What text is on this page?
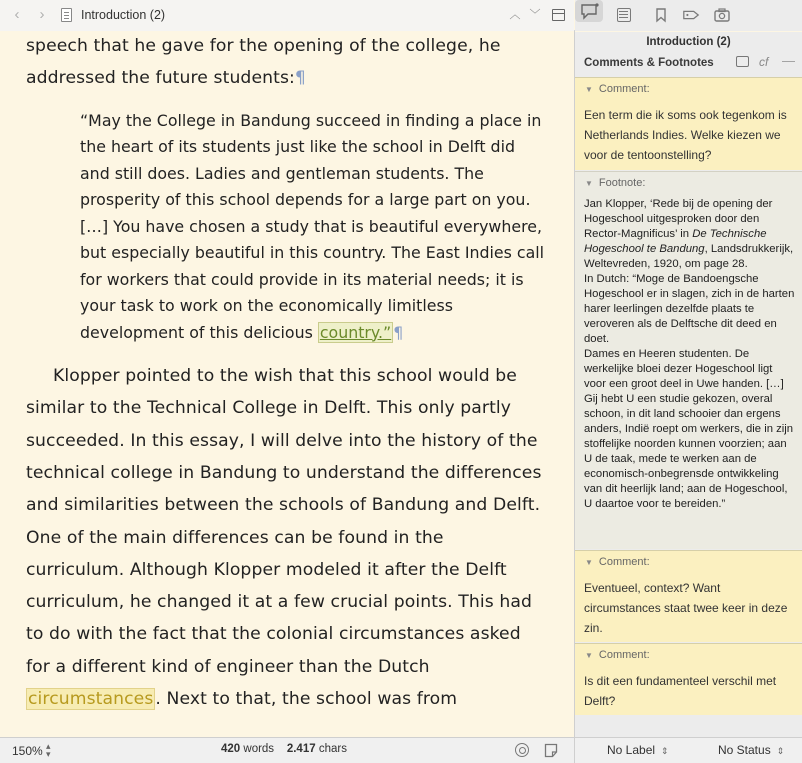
‹	›	Introduction (2)	︿ ﹀

speech that he gave for the opening of the college, he addressed the future students:¶

“May the College in Bandung succeed in finding a place in the heart of its students just like the school in Delft did and still does. Ladies and gentleman students. The prosperity of this school depends for a large part on you. […] You have chosen a study that is beautiful everywhere, but especially beautiful in this country. The East Indies call for workers that could provide in its material needs; it is your task to work on the economically limitless development of this delicious country.” ¶

Klopper pointed to the wish that this school would be similar to the Technical College in Delft. This only partly succeeded. In this essay, I will delve into the history of the technical college in Bandung to understand the differences and similarities between the schools of Bandung and Delft. One of the main differences can be found in the curriculum. Although Klopper modeled it after the Delft curriculum, he changed it at a few crucial points. This had to do with the fact that the colonial circumstances asked for a different kind of engineer than the Dutch circumstances . Next to that, the school was from

Introduction (2)
Comments & Footnotes	cf —
▼ Comment:
Een term die ik soms ook tegenkom is Netherlands Indies. Welke kiezen we voor de tentoonstelling?
▼ Footnote:

Jan Klopper, ‘Rede bij de opening der Hogeschool uitgesproken door den Rector-Magnificus’ in De Technische Hogeschool te Bandung, Landsdrukkerijk, Weltevreden, 1920, om page 28.

In Dutch: “Moge de Bandoengsche Hogeschool er in slagen, zich in de harten harer leerlingen dezelfde plaats te veroveren als de Delftsche dit deed en doet.

Dames en Heeren studenten. De werkelijke bloei dezer Hogeschool ligt voor een groot deel in Uwe handen. […] Gij hebt U een studie gekozen, overal schoon, in dit land schooier dan ergens anders, Indië roept om werkers, die in zijn stoffelijke noorden kunnen voorzien; aan U de taak, mede te werken aan de economisch-onbegrensde ontwikkeling van dit heerlijk land; aan de Hogeschool, U daartoe voor te bereiden.”

▼ Comment:
Eventueel, context? Want circumstances staat twee keer in deze zin.
▼ Comment:
Is dit een fundamenteel verschil met Delft?
150% ▴
▾	420 words 2.417 chars	No Label ⇕	No Status ⇕
